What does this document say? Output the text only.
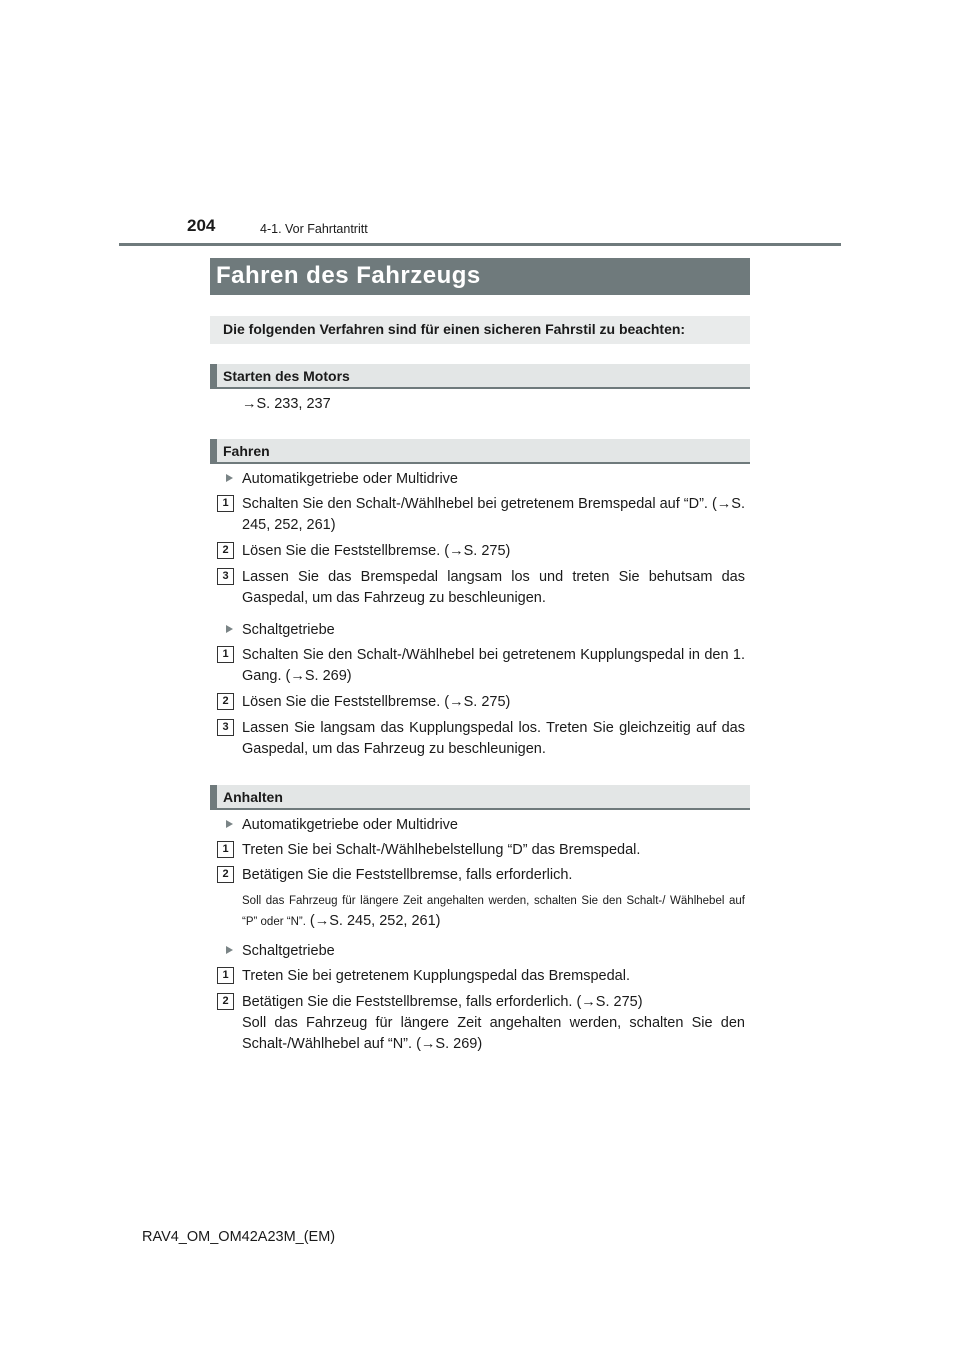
204	4-1. Vor Fahrtantritt
Fahren des Fahrzeugs
Die folgenden Verfahren sind für einen sicheren Fahrstil zu beachten:
Starten des Motors
→S. 233, 237
Fahren
Automatikgetriebe oder Multidrive
1 Schalten Sie den Schalt-/Wählhebel bei getretenem Bremspedal auf “D”. (→S. 245, 252, 261)
2 Lösen Sie die Feststellbremse. (→S. 275)
3 Lassen Sie das Bremspedal langsam los und treten Sie behutsam das Gaspedal, um das Fahrzeug zu beschleunigen.
Schaltgetriebe
1 Schalten Sie den Schalt-/Wählhebel bei getretenem Kupplungspedal in den 1. Gang. (→S. 269)
2 Lösen Sie die Feststellbremse. (→S. 275)
3 Lassen Sie langsam das Kupplungspedal los. Treten Sie gleichzeitig auf das Gaspedal, um das Fahrzeug zu beschleunigen.
Anhalten
Automatikgetriebe oder Multidrive
1 Treten Sie bei Schalt-/Wählhebelstellung “D” das Bremspedal.
2 Betätigen Sie die Feststellbremse, falls erforderlich.
Soll das Fahrzeug für längere Zeit angehalten werden, schalten Sie den Schalt-/ Wählhebel auf “P” oder “N”. (→S. 245, 252, 261)
Schaltgetriebe
1 Treten Sie bei getretenem Kupplungspedal das Bremspedal.
2 Betätigen Sie die Feststellbremse, falls erforderlich. (→S. 275)
Soll das Fahrzeug für längere Zeit angehalten werden, schalten Sie den Schalt-/Wählhebel auf “N”. (→S. 269)
RAV4_OM_OM42A23M_(EM)
